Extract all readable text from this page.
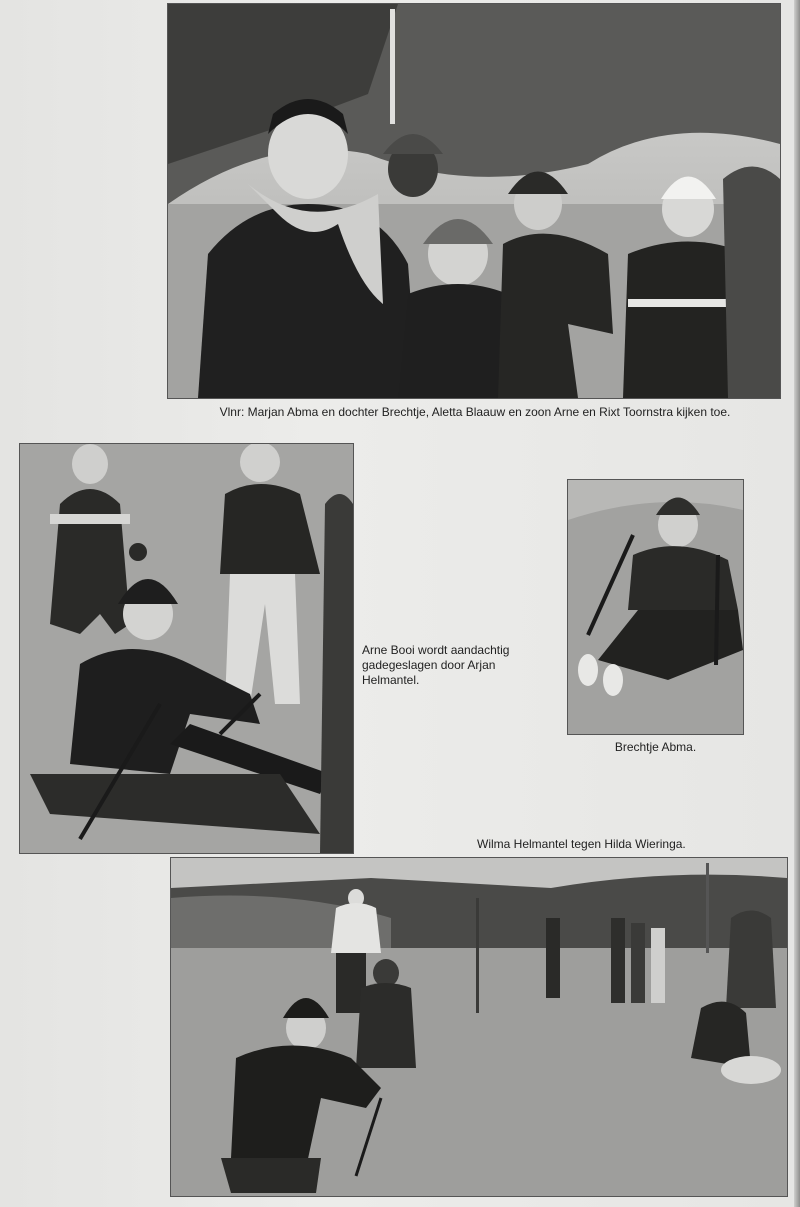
Vlnr: Marjan Abma en dochter Brechtje, Aletta Blaauw en zoon Arne en Rixt Toornstra kijken toe.
Arne Booi wordt aandachtig gadegeslagen door Arjan Helmantel.
Brechtje Abma.
Wilma Helmantel tegen Hilda Wieringa.
